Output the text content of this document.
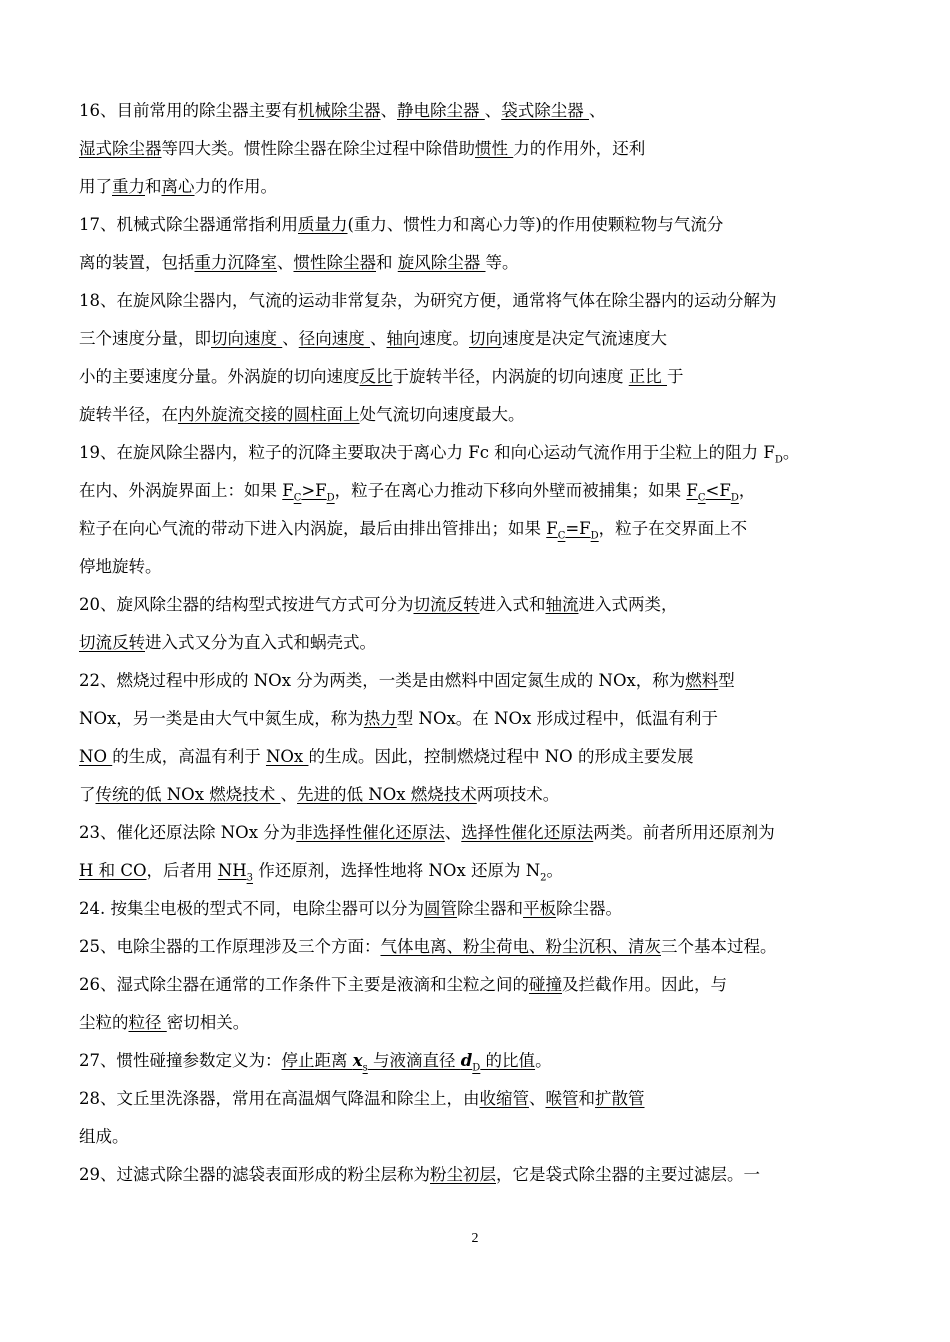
16、目前常用的除尘器主要有机械除尘器、静电除尘器 、袋式除尘器 、
湿式除尘器等四大类。惯性除尘器在除尘过程中除借助惯性 力的作用外，还利
用了重力和离心力的作用。
17、机械式除尘器通常指利用质量力(重力、惯性力和离心力等)的作用使颗粒物与气流分
离的装置，包括重力沉降室、惯性除尘器和 旋风除尘器 等。
18、在旋风除尘器内，气流的运动非常复杂，为研究方便，通常将气体在除尘器内的运动分解为
三个速度分量，即切向速度 、径向速度 、轴向速度。切向速度是决定气流速度大
小的主要速度分量。外涡旋的切向速度反比于旋转半径，内涡旋的切向速度 正比 于
旋转半径，在内外旋流交接的圆柱面上处气流切向速度最大。
19、在旋风除尘器内，粒子的沉降主要取决于离心力 Fc 和向心运动气流作用于尘粒上的阻力 $F_D$。
在内、外涡旋界面上：如果 $F_C>F_D$，粒子在离心力推动下移向外壁而被捕集；如果 $F_C<F_D$，
粒子在向心气流的带动下进入内涡旋，最后由排出管排出；如果 $F_C=F_D$，粒子在交界面上不
停地旋转。
20、旋风除尘器的结构型式按进气方式可分为切流反转进入式和轴流进入式两类，
切流反转进入式又分为直入式和蜗壳式。
22、燃烧过程中形成的 NOx 分为两类，一类是由燃料中固定氮生成的 NOx，称为燃料型
NOx，另一类是由大气中氮生成，称为热力型 NOx。在 NOx 形成过程中，低温有利于
NO 的生成，高温有利于 NOx 的生成。因此，控制燃烧过程中 NO 的形成主要发展
了传统的低 NOx 燃烧技术 、先进的低 NOx 燃烧技术两项技术。
23、催化还原法除 NOx 分为非选择性催化还原法、选择性催化还原法两类。前者所用还原剂为
H 和 CO，后者用 $NH_3$ 作还原剂，选择性地将 NOx 还原为 $N_2$。
24. 按集尘电极的型式不同，电除尘器可以分为圆管除尘器和平板除尘器。
25、电除尘器的工作原理涉及三个方面：气体电离、粉尘荷电、粉尘沉积、清灰三个基本过程。
26、湿式除尘器在通常的工作条件下主要是液滴和尘粒之间的碰撞及拦截作用。因此，与
尘粒的粒径 密切相关。
27、惯性碰撞参数定义为：停止距离 $x_s$ 与液滴直径 $d_D$ 的比值。
28、文丘里洗涤器，常用在高温烟气降温和除尘上，由收缩管、喉管和扩散管
组成。
29、过滤式除尘器的滤袋表面形成的粉尘层称为粉尘初层，它是袋式除尘器的主要过滤层。一
2
